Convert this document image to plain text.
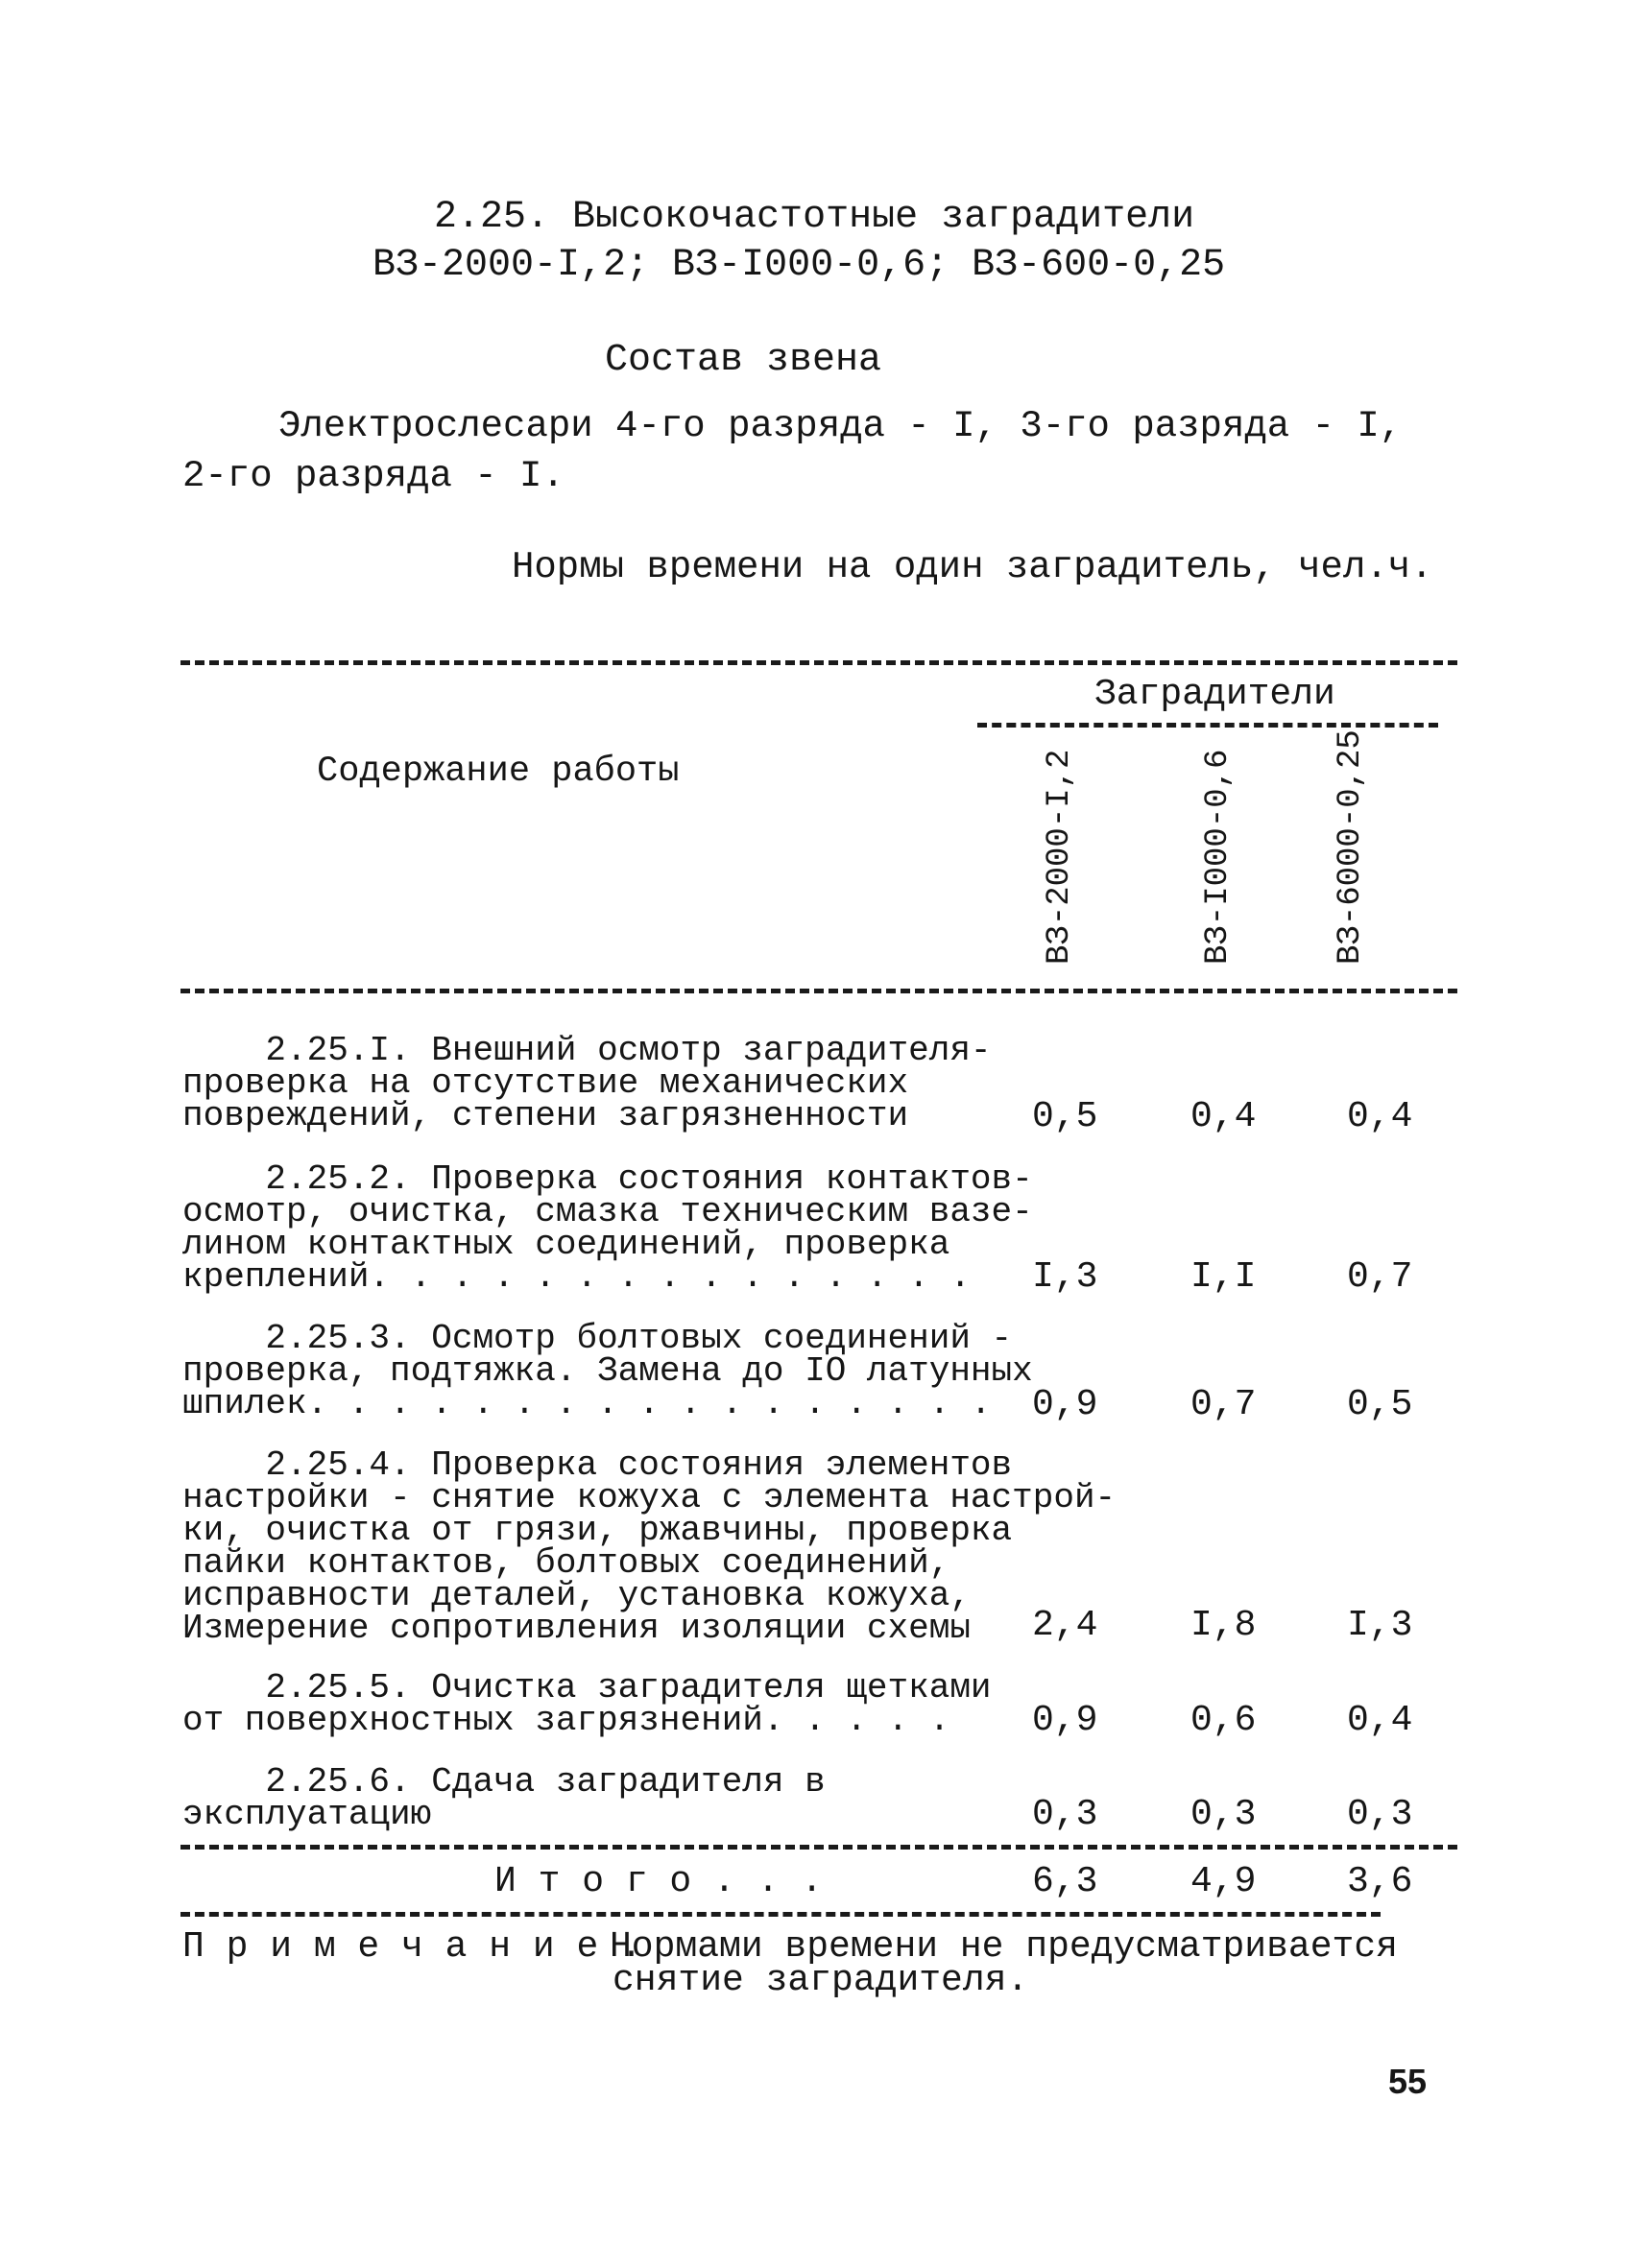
2.25. Высокочастотные заградители
ВЗ-2000-I,2; ВЗ-I000-0,6; ВЗ-600-0,25
Состав звена
Электрослесари 4-го разряда - I, 3-го разряда - I,
2-го разряда - I.
Нормы времени на один заградитель, чел.ч.
Заградители
Содержание работы	ВЗ-2000-I,2	ВЗ-I000-0,6	ВЗ-6000-0,25
2.25.I. Внешний осмотр заградителя-
проверка на отсутствие механических
повреждений, степени загрязненности	0,5	0,4 0,4
2.25.2. Проверка состояния контактов-
осмотр, очистка, смазка техническим вазе-
лином контактных соединений, проверка
креплений. . . . . . . . . . . . . . . I,3	I,I 0,7
2.25.3. Осмотр болтовых соединений -
проверка, подтяжка. Замена до IO латунных
шпилек. . . . . . . . . . . . . . . . . 0,9	0,7 0,5
2.25.4. Проверка состояния элементов
настройки - снятие кожуха с элемента настрой-
ки, очистка от грязи, ржавчины, проверка
пайки контактов, болтовых соединений,
исправности деталей, установка кожуха,
Измерение сопротивления изоляции схемы 2,4	I,8 I,3
2.25.5. Очистка заградителя щетками
от поверхностных загрязнений. . . . . 0,9	0,6 0,4
2.25.6. Сдача заградителя в
эксплуатацию	0,3	0,3 0,3
И т о г о . . .	6,3	4,9 3,6
П р и м е ч а н и е .
Нормами времени не предусматривается
снятие заградителя.
55
